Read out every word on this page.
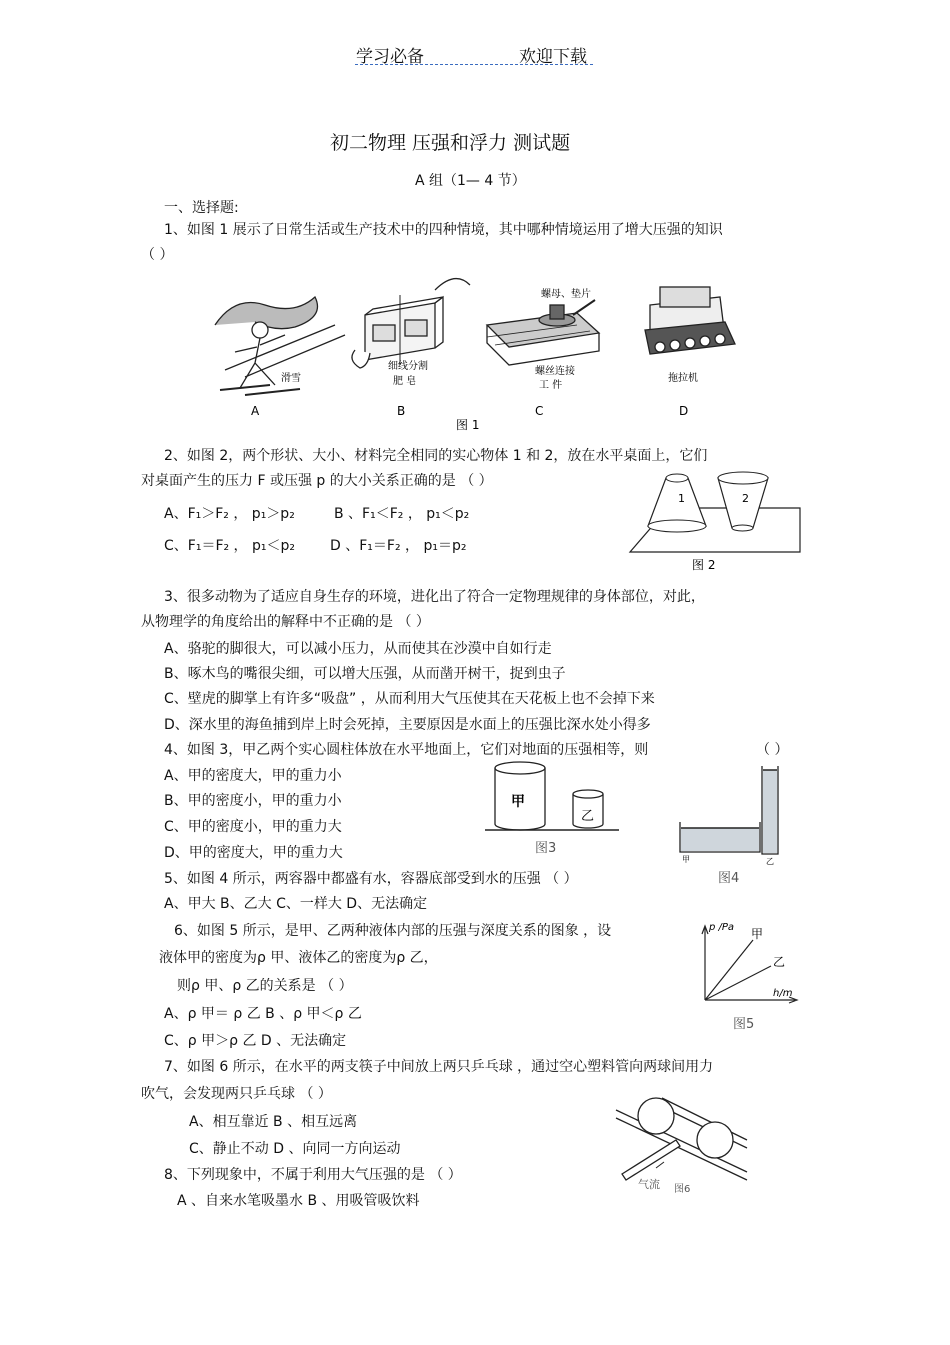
学习必备	欢迎下载
初二物理 压强和浮力 测试题
A 组（1— 4 节）
一、选择题:
1、如图 1 展示了日常生活或生产技术中的四种情境，其中哪种情境运用了增大压强的知识
（ ）
细线分割
肥 皂
滑雪
螺母、垫片
螺丝连接
工 件
拖拉机
A	B	C	D
图 1
2、如图 2，两个形状、大小、材料完全相同的实心物体 1 和 2，放在水平桌面上，它们
对桌面产生的压力 F 或压强 p 的大小关系正确的是 （ ）
A、F₁＞F₂ ， p₁＞p₂	B 、F₁＜F₂ ， p₁＜p₂
C、F₁＝F₂ ， p₁＜p₂ D 、F₁＝F₂ ， p₁＝p₂
1	2
图 2
3、很多动物为了适应自身生存的环境，进化出了符合一定物理规律的身体部位，对此，
从物理学的角度给出的解释中不正确的是 （ ）
A、骆驼的脚很大，可以减小压力，从而使其在沙漠中自如行走
B、啄木鸟的嘴很尖细，可以增大压强，从而凿开树干，捉到虫子
C、壁虎的脚掌上有许多“吸盘” ，从而利用大气压使其在天花板上也不会掉下来
D、深水里的海鱼捕到岸上时会死掉，主要原因是水面上的压强比深水处小得多
4、如图 3，甲乙两个实心圆柱体放在水平地面上，它们对地面的压强相等，则	（ ）
A、甲的密度大，甲的重力小
B、甲的密度小，甲的重力小
C、甲的密度小，甲的重力大
D、甲的密度大，甲的重力大
甲
乙
图3
甲	乙
图4
5、如图 4 所示，两容器中都盛有水，容器底部受到水的压强 （ ）
A、甲大 B、乙大 C、一样大 D、无法确定
6、如图 5 所示，是甲、乙两种液体内部的压强与深度关系的图象 ，设
液体甲的密度为ρ 甲、液体乙的密度为ρ 乙，
则ρ 甲、ρ 乙的关系是 （ ）
A、ρ 甲＝ ρ 乙 B 、ρ 甲＜ρ 乙
C、ρ 甲＞ρ 乙 D 、无法确定
p /Pa
h/m
甲
乙
图5
7、如图 6 所示，在水平的两支筷子中间放上两只乒乓球 ，通过空心塑料管向两球间用力
吹气，会发现两只乒乓球 （ ）
A、相互靠近 B 、相互远离
C、静止不动 D 、向同一方向运动
气流 图6
8、下列现象中，不属于利用大气压强的是 （ ）
A 、自来水笔吸墨水 B 、用吸管吸饮料
